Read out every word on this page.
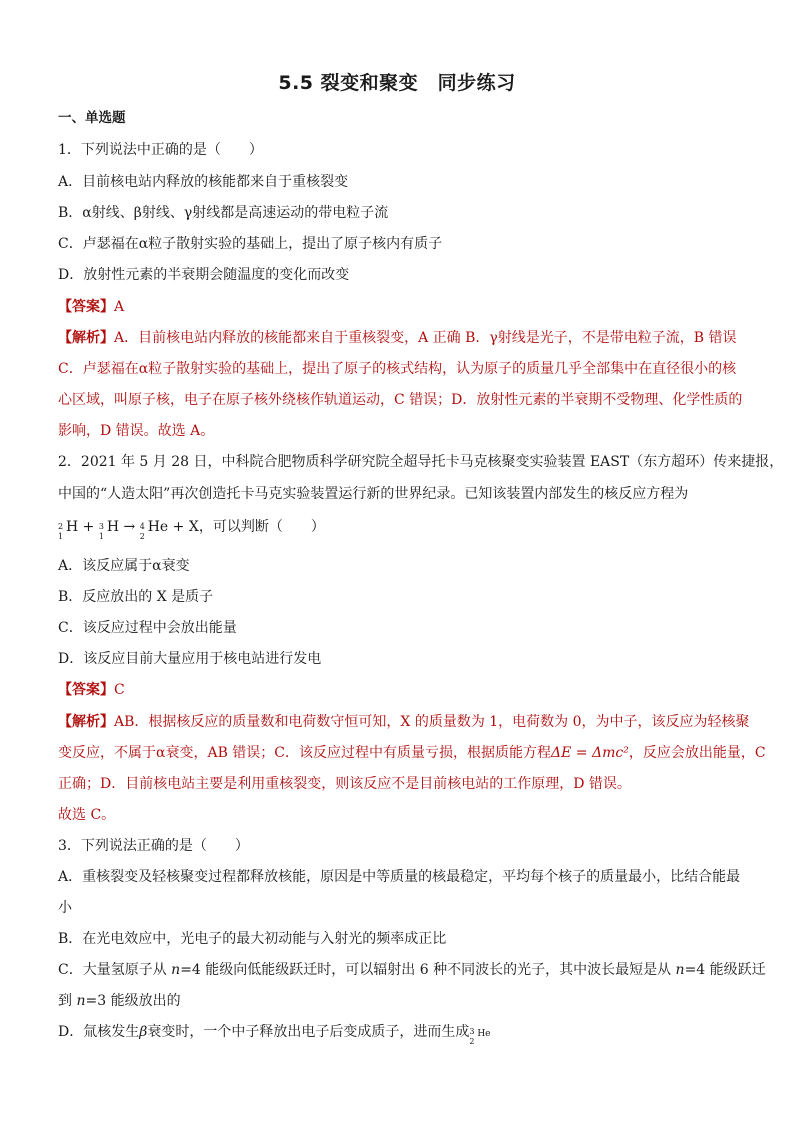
5.5 裂变和聚变　同步练习
一、单选题
1．下列说法中正确的是（　　）
A．目前核电站内释放的核能都来自于重核裂变
B．α射线、β射线、γ射线都是高速运动的带电粒子流
C．卢瑟福在α粒子散射实验的基础上，提出了原子核内有质子
D．放射性元素的半衰期会随温度的变化而改变
【答案】A
【解析】A．目前核电站内释放的核能都来自于重核裂变，A 正确 B．γ射线是光子，不是带电粒子流，B 错误
C．卢瑟福在α粒子散射实验的基础上，提出了原子的核式结构，认为原子的质量几乎全部集中在直径很小的核
心区域，叫原子核，电子在原子核外绕核作轨道运动，C 错误；D．放射性元素的半衰期不受物理、化学性质的
影响，D 错误。故选 A。
2．2021 年 5 月 28 日，中科院合肥物质科学研究院全超导托卡马克核聚变实验装置 EAST（东方超环）传来捷报，
中国的“人造太阳”再次创造托卡马克实验装置运行新的世界纪录。已知该装置内部发生的核反应方程为
2
1
H + 3
1
H → 4
2
He + X，可以判断（　　）
A．该反应属于α衰变
B．反应放出的 X 是质子
C．该反应过程中会放出能量
D．该反应目前大量应用于核电站进行发电
【答案】C
【解析】AB．根据核反应的质量数和电荷数守恒可知，X 的质量数为 1，电荷数为 0，为中子，该反应为轻核聚
变反应，不属于α衰变，AB 错误；C．该反应过程中有质量亏损，根据质能方程ΔE = Δmc²，反应会放出能量，C
正确；D．目前核电站主要是利用重核裂变，则该反应不是目前核电站的工作原理，D 错误。
故选 C。
3．下列说法正确的是（　　）
A．重核裂变及轻核聚变过程都释放核能，原因是中等质量的核最稳定，平均每个核子的质量最小，比结合能最
小
B．在光电效应中，光电子的最大初动能与入射光的频率成正比
C．大量氢原子从 n=4 能级向低能级跃迁时，可以辐射出 6 种不同波长的光子，其中波长最短是从 n=4 能级跃迁
到 n=3 能级放出的
D．氚核发生β衰变时，一个中子释放出电子后变成质子，进而生成 3
2
He
